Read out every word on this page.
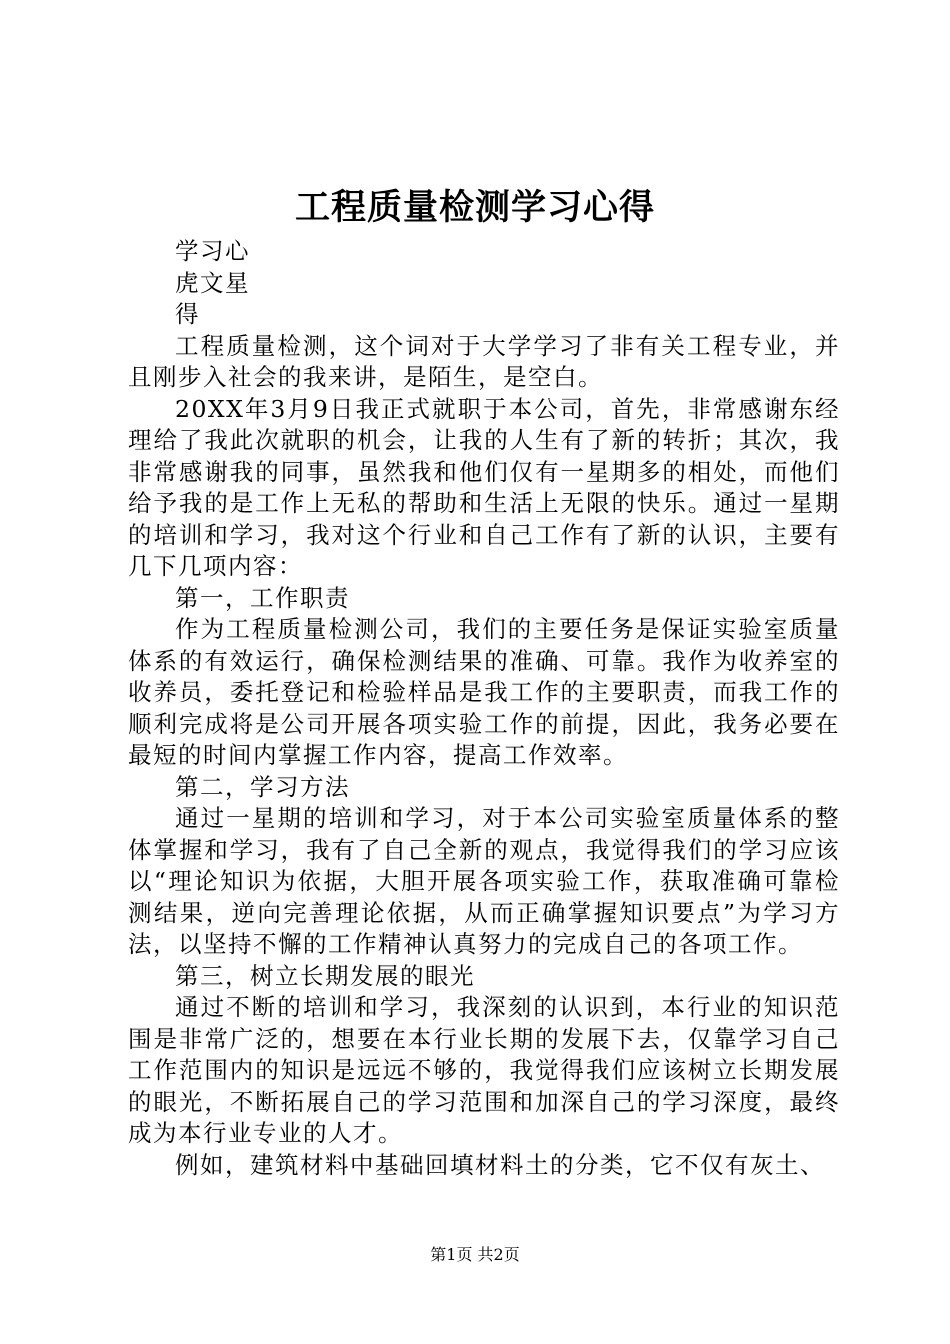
工程质量检测学习心得

学习心

虎文星

得

工程质量检测，这个词对于大学学习了非有关工程专业，并且刚步入社会的我来讲，是陌生，是空白。

20XX年3月9日我正式就职于本公司，首先，非常感谢东经理给了我此次就职的机会，让我的人生有了新的转折；其次，我非常感谢我的同事，虽然我和他们仅有一星期多的相处，而他们给予我的是工作上无私的帮助和生活上无限的快乐。通过一星期的培训和学习，我对这个行业和自己工作有了新的认识，主要有几下几项内容：

第一，工作职责

作为工程质量检测公司，我们的主要任务是保证实验室质量体系的有效运行，确保检测结果的准确、可靠。我作为收养室的收养员，委托登记和检验样品是我工作的主要职责，而我工作的顺利完成将是公司开展各项实验工作的前提，因此，我务必要在最短的时间内掌握工作内容，提高工作效率。

第二，学习方法

通过一星期的培训和学习，对于本公司实验室质量体系的整体掌握和学习，我有了自己全新的观点，我觉得我们的学习应该以“理论知识为依据，大胆开展各项实验工作，获取准确可靠检测结果，逆向完善理论依据，从而正确掌握知识要点”为学习方法，以坚持不懈的工作精神认真努力的完成自己的各项工作。

第三，树立长期发展的眼光

通过不断的培训和学习，我深刻的认识到，本行业的知识范围是非常广泛的，想要在本行业长期的发展下去，仅靠学习自己工作范围内的知识是远远不够的，我觉得我们应该树立长期发展的眼光，不断拓展自己的学习范围和加深自己的学习深度，最终成为本行业专业的人才。

例如，建筑材料中基础回填材料土的分类，它不仅有灰土、

第1页 共2页
